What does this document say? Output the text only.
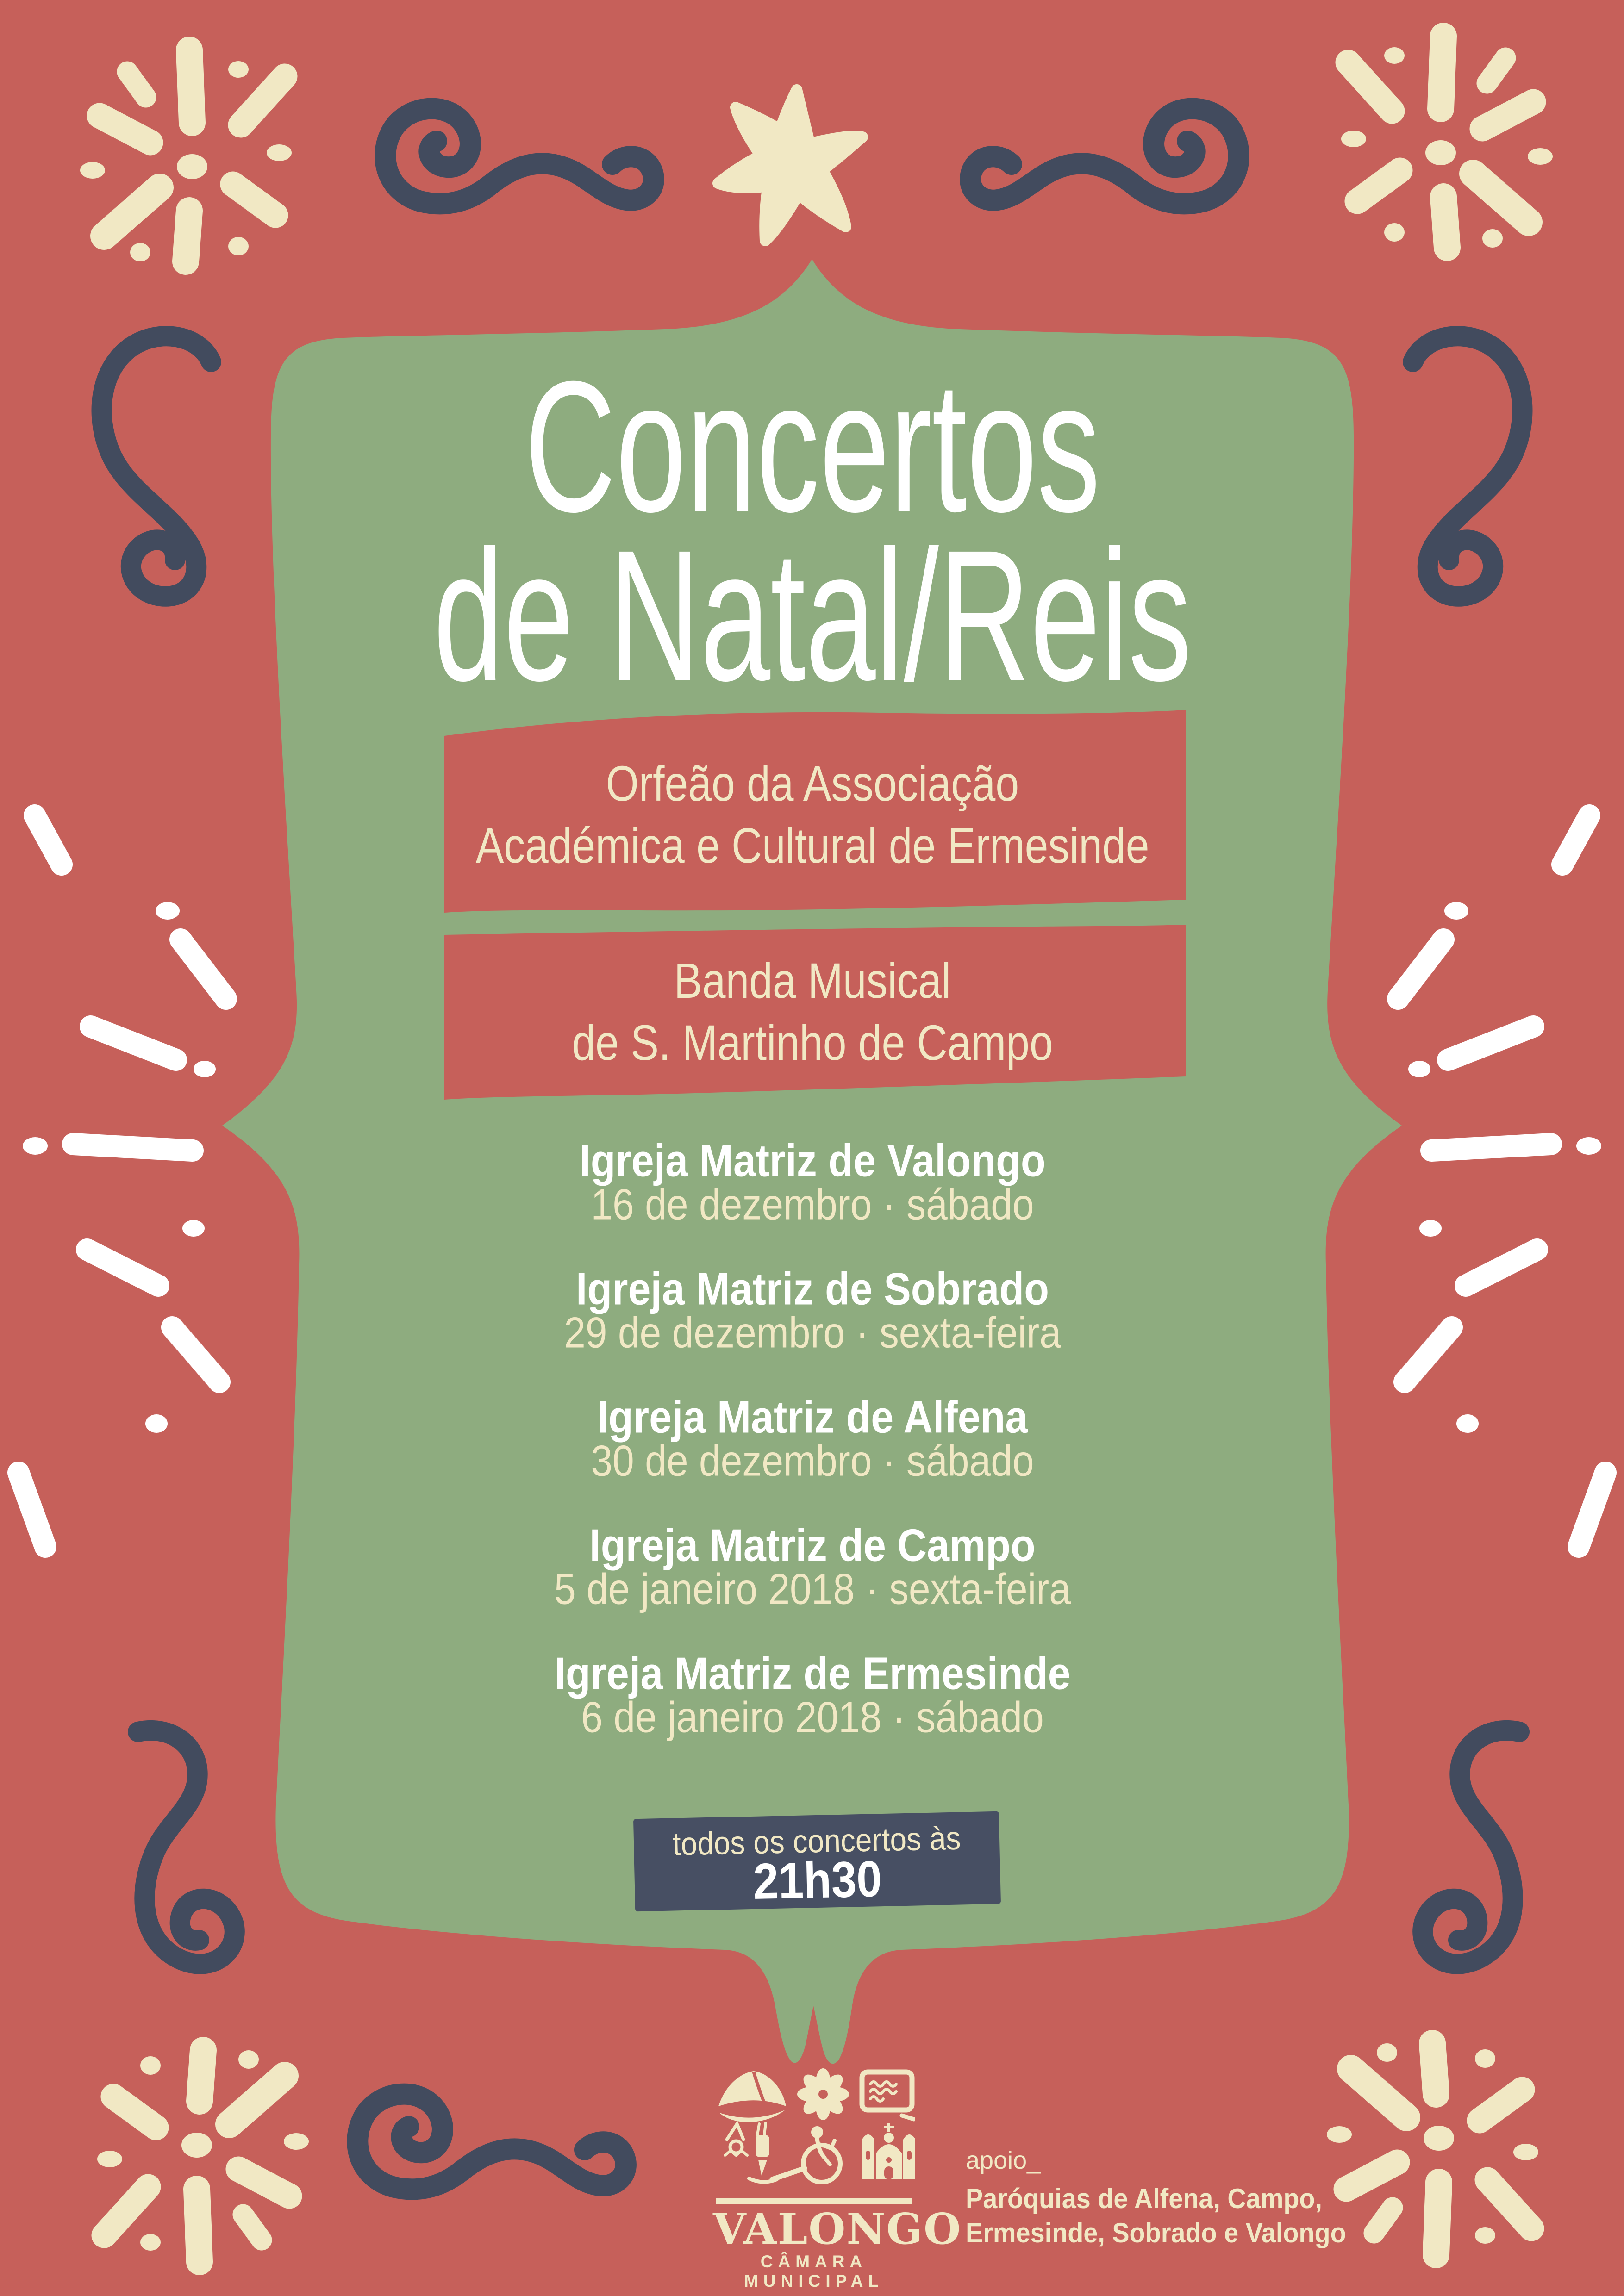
Concertos
de Natal/Reis
Orfeão da Associação
Académica e Cultural de Ermesinde
Banda Musical
de S. Martinho de Campo
Igreja Matriz de Valongo
16 de dezembro · sábado
Igreja Matriz de Sobrado
29 de dezembro · sexta-feira
Igreja Matriz de Alfena
30 de dezembro · sábado
Igreja Matriz de Campo
5 de janeiro 2018 · sexta-feira
Igreja Matriz de Ermesinde
6 de janeiro 2018 · sábado
todos os concertos às
21h30
VALONGO
CÂMARA MUNICIPAL
apoio_
Paróquias de Alfena, Campo,
Ermesinde, Sobrado e Valongo
